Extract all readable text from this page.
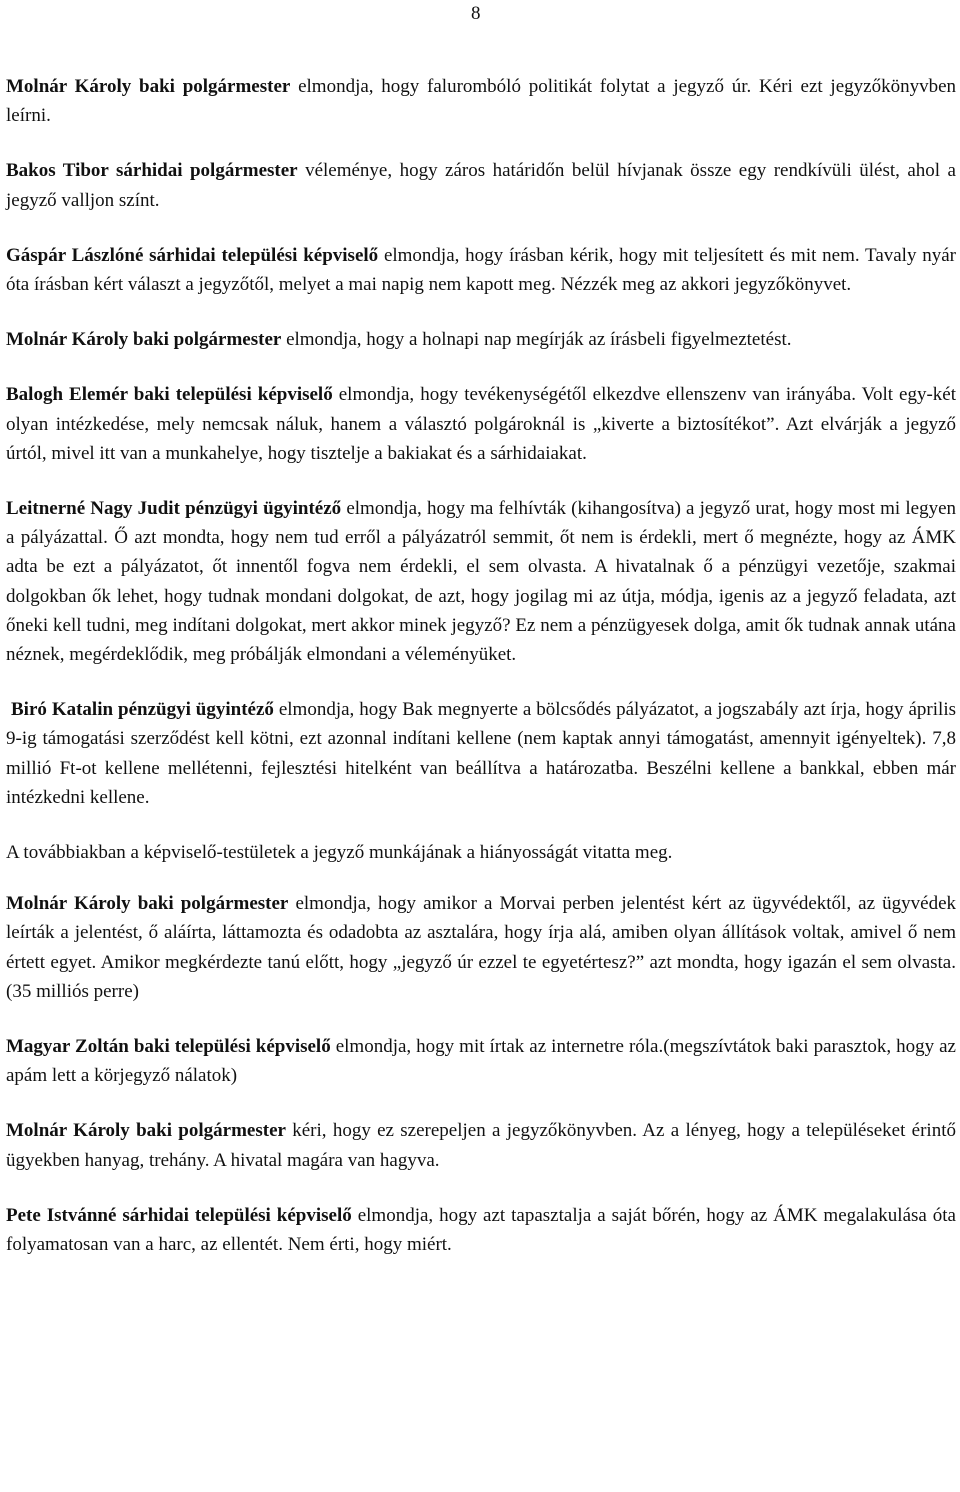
8

Molnár Károly baki polgármester elmondja, hogy falurombóló politikát folytat a jegyző úr. Kéri ezt jegyzőkönyvben leírni.

Bakos Tibor sárhidai polgármester véleménye, hogy záros határidőn belül hívjanak össze egy rendkívüli ülést, ahol a jegyző valljon színt.

Gáspár Lászlóné sárhidai települési képviselő elmondja, hogy írásban kérik, hogy mit teljesített és mit nem. Tavaly nyár óta írásban kért választ a jegyzőtől, melyet a mai napig nem kapott meg. Nézzék meg az akkori jegyzőkönyvet.

Molnár Károly baki polgármester elmondja, hogy a holnapi nap megírják az írásbeli figyelmeztetést.

Balogh Elemér baki települési képviselő elmondja, hogy tevékenységétől elkezdve ellenszenv van irányába. Volt egy-két olyan intézkedése, mely nemcsak náluk, hanem a választó polgároknál is „kiverte a biztosítékot”. Azt elvárják a jegyző úrtól, mivel itt van a munkahelye, hogy tisztelje a bakiakat és a sárhidaiakat.

Leitnerné Nagy Judit pénzügyi ügyintéző elmondja, hogy ma felhívták (kihangosítva) a jegyző urat, hogy most mi legyen a pályázattal. Ő azt mondta, hogy nem tud erről a pályázatról semmit, őt nem is érdekli, mert ő megnézte, hogy az ÁMK adta be ezt a pályázatot, őt innentől fogva nem érdekli, el sem olvasta. A hivatalnak ő a pénzügyi vezetője, szakmai dolgokban ők lehet, hogy tudnak mondani dolgokat, de azt, hogy jogilag mi az útja, módja, igenis az a jegyző feladata, azt őneki kell tudni, meg indítani dolgokat, mert akkor minek jegyző? Ez nem a pénzügyesek dolga, amit ők tudnak annak utána néznek, megérdeklődik, meg próbálják elmondani a véleményüket.

Biró Katalin pénzügyi ügyintéző elmondja, hogy Bak megnyerte a bölcsődés pályázatot, a jogszabály azt írja, hogy április 9-ig támogatási szerződést kell kötni, ezt azonnal indítani kellene (nem kaptak annyi támogatást, amennyit igényeltek). 7,8 millió Ft-ot kellene mellétenni, fejlesztési hitelként van beállítva a határozatba. Beszélni kellene a bankkal, ebben már intézkedni kellene.

A továbbiakban a képviselő-testületek a jegyző munkájának a hiányosságát vitatta meg.

Molnár Károly baki polgármester elmondja, hogy amikor a Morvai perben jelentést kért az ügyvédektől, az ügyvédek leírták a jelentést, ő aláírta, láttamozta és odadobta az asztalára, hogy írja alá, amiben olyan állítások voltak, amivel ő nem értett egyet. Amikor megkérdezte tanú előtt, hogy „jegyző úr ezzel te egyetértesz?” azt mondta, hogy igazán el sem olvasta. (35 milliós perre)

Magyar Zoltán baki települési képviselő elmondja, hogy mit írtak az internetre róla.(megszívtátok baki parasztok, hogy az apám lett a körjegyző nálatok)

Molnár Károly baki polgármester kéri, hogy ez szerepeljen a jegyzőkönyvben. Az a lényeg, hogy a településeket érintő ügyekben hanyag, trehány. A hivatal magára van hagyva.

Pete Istvánné sárhidai települési képviselő elmondja, hogy azt tapasztalja a saját bőrén, hogy az ÁMK megalakulása óta folyamatosan van a harc, az ellentét. Nem érti, hogy miért.
